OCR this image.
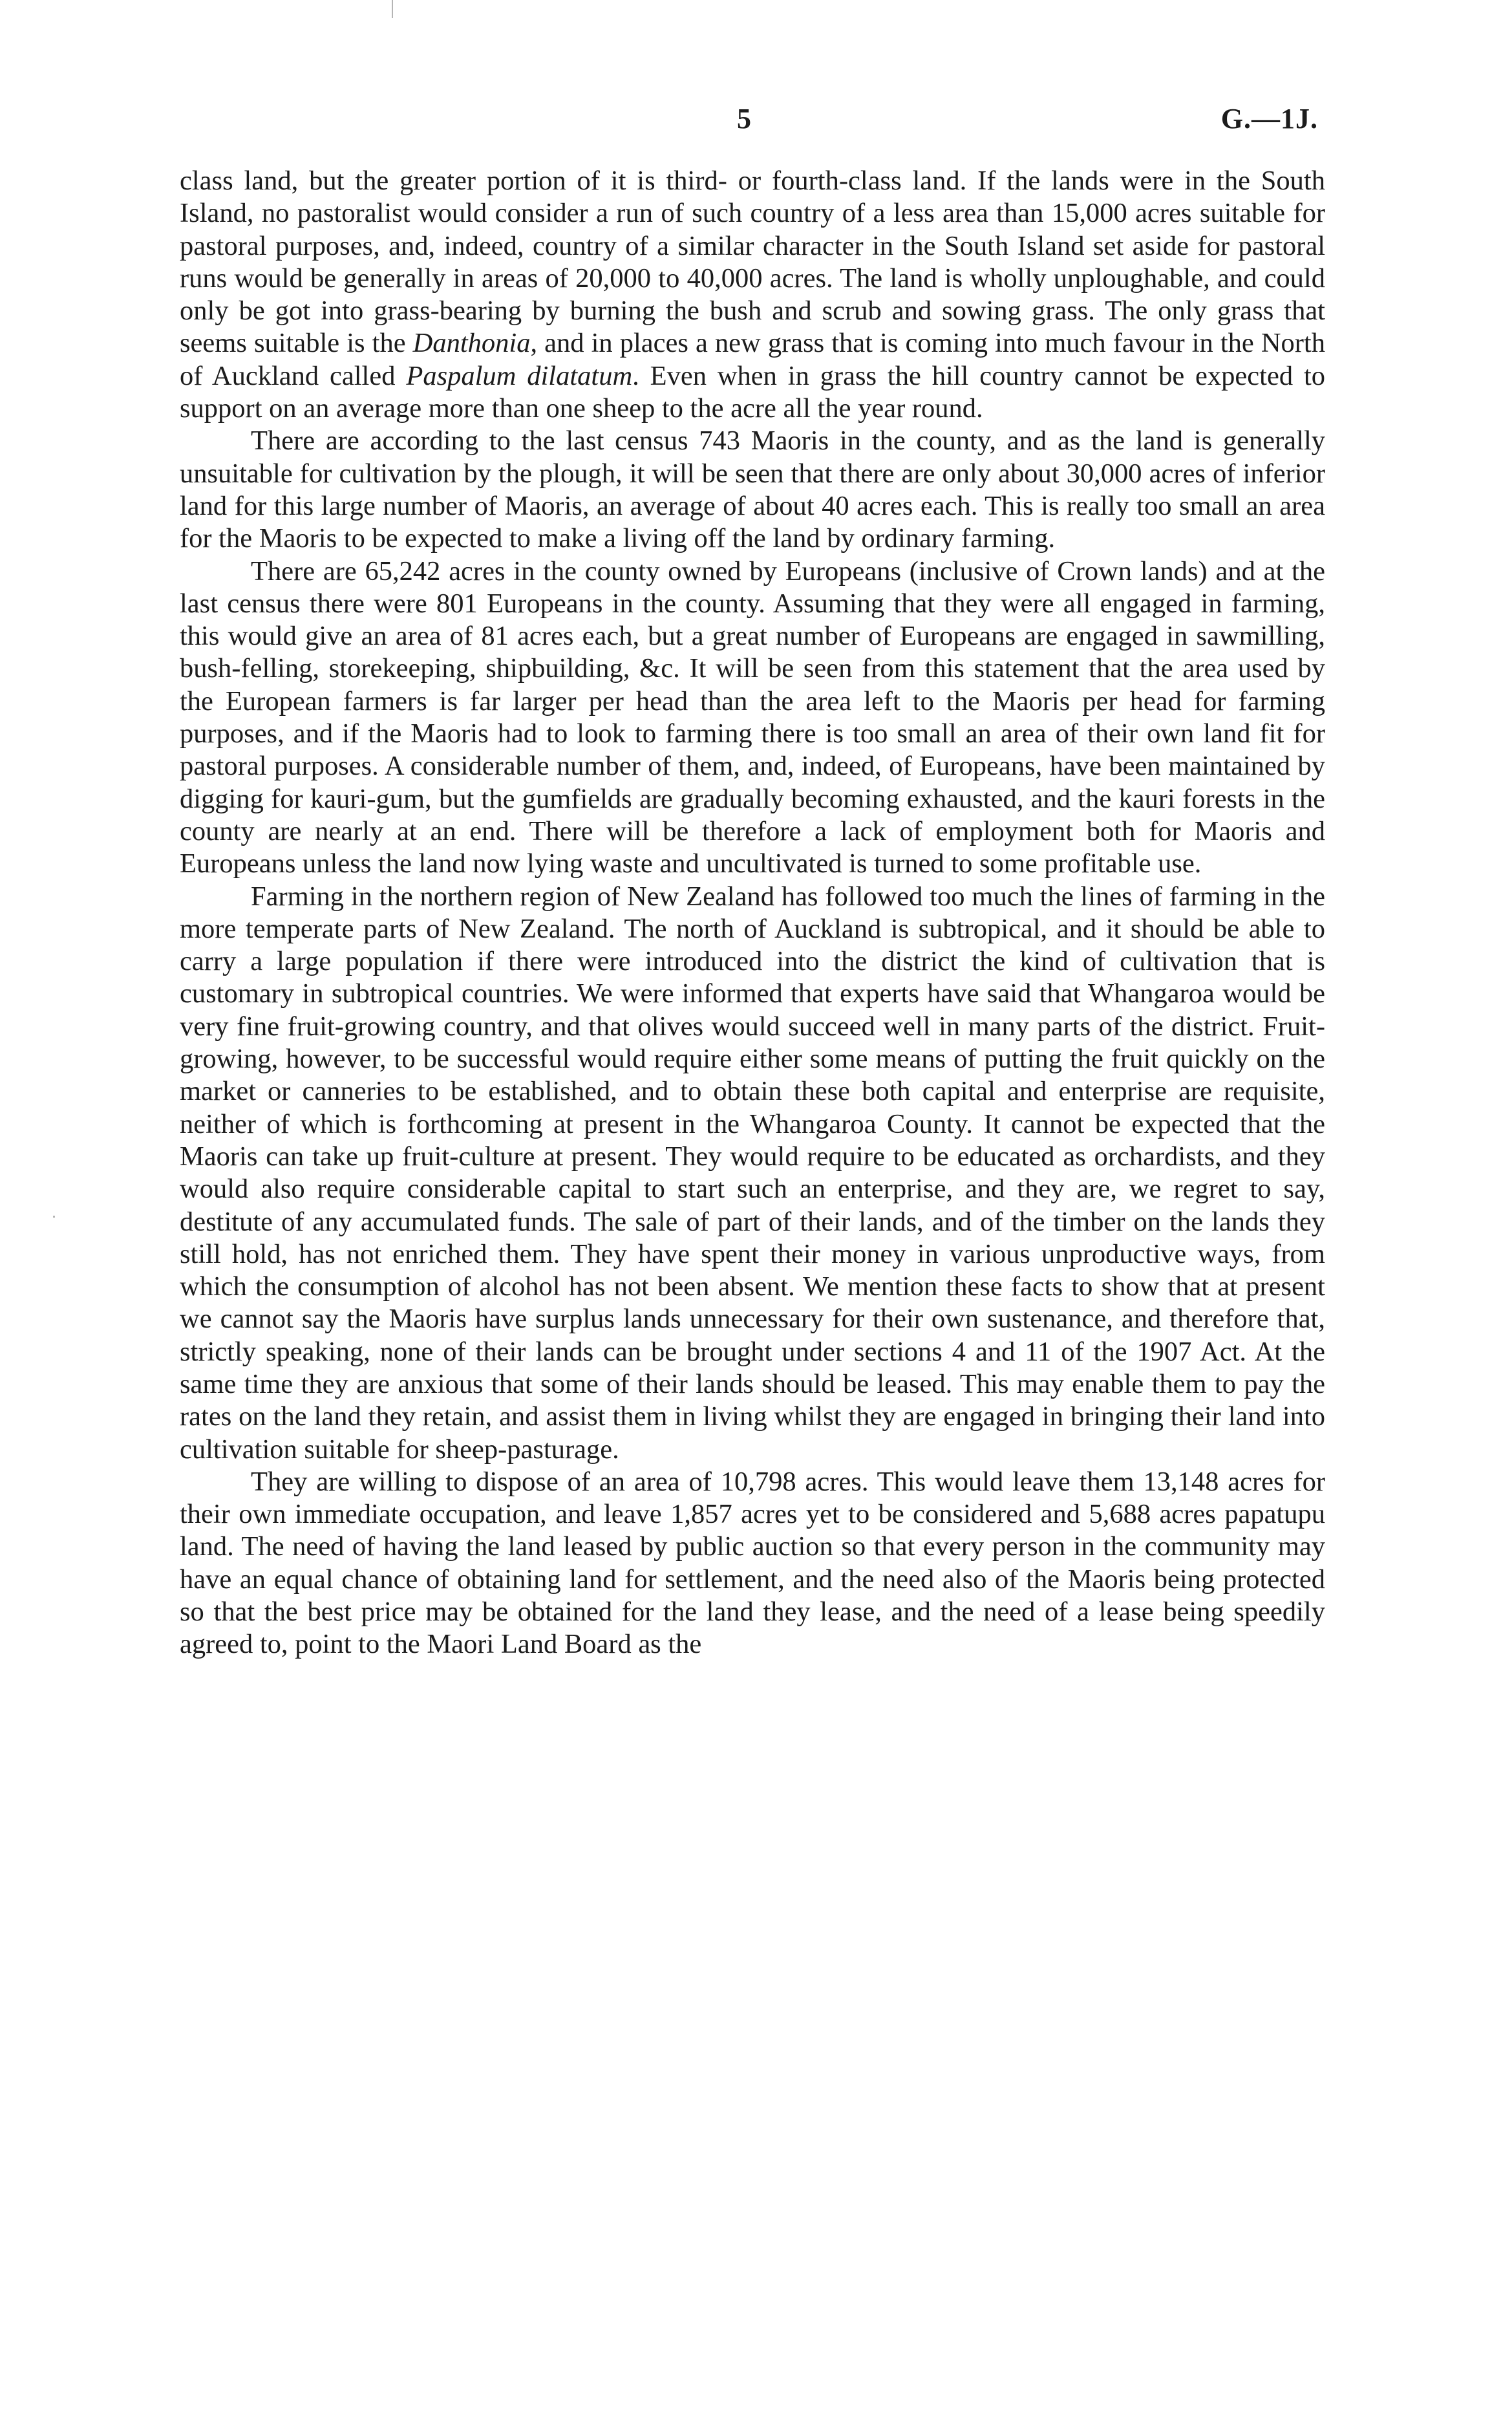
5	G.—1J.

class land, but the greater portion of it is third- or fourth-class land. If the lands were in the South Island, no pastoralist would consider a run of such country of a less area than 15,000 acres suitable for pastoral purposes, and, indeed, country of a similar character in the South Island set aside for pastoral runs would be generally in areas of 20,000 to 40,000 acres. The land is wholly unploughable, and could only be got into grass-bearing by burning the bush and scrub and sowing grass. The only grass that seems suitable is the Danthonia, and in places a new grass that is coming into much favour in the North of Auckland called Paspalum dilatatum. Even when in grass the hill country cannot be expected to support on an average more than one sheep to the acre all the year round.

There are according to the last census 743 Maoris in the county, and as the land is generally unsuitable for cultivation by the plough, it will be seen that there are only about 30,000 acres of inferior land for this large number of Maoris, an average of about 40 acres each. This is really too small an area for the Maoris to be expected to make a living off the land by ordinary farming.

There are 65,242 acres in the county owned by Europeans (inclusive of Crown lands) and at the last census there were 801 Europeans in the county. Assuming that they were all engaged in farming, this would give an area of 81 acres each, but a great number of Europeans are engaged in sawmilling, bush-felling, storekeeping, shipbuilding, &c. It will be seen from this statement that the area used by the European farmers is far larger per head than the area left to the Maoris per head for farming purposes, and if the Maoris had to look to farming there is too small an area of their own land fit for pastoral purposes. A considerable number of them, and, indeed, of Europeans, have been maintained by digging for kauri-gum, but the gumfields are gradually becoming exhausted, and the kauri forests in the county are nearly at an end. There will be therefore a lack of employment both for Maoris and Europeans unless the land now lying waste and uncultivated is turned to some profitable use.

Farming in the northern region of New Zealand has followed too much the lines of farming in the more temperate parts of New Zealand. The north of Auckland is subtropical, and it should be able to carry a large population if there were introduced into the district the kind of cultivation that is customary in subtropical countries. We were informed that experts have said that Whangaroa would be very fine fruit-growing country, and that olives would succeed well in many parts of the district. Fruit-growing, however, to be successful would require either some means of putting the fruit quickly on the market or canneries to be established, and to obtain these both capital and enterprise are requisite, neither of which is forthcoming at present in the Whangaroa County. It cannot be expected that the Maoris can take up fruit-culture at present. They would require to be educated as orchardists, and they would also require considerable capital to start such an enterprise, and they are, we regret to say, destitute of any accumulated funds. The sale of part of their lands, and of the timber on the lands they still hold, has not enriched them. They have spent their money in various unproductive ways, from which the consumption of alcohol has not been absent. We mention these facts to show that at present we cannot say the Maoris have surplus lands unnecessary for their own sustenance, and therefore that, strictly speaking, none of their lands can be brought under sections 4 and 11 of the 1907 Act. At the same time they are anxious that some of their lands should be leased. This may enable them to pay the rates on the land they retain, and assist them in living whilst they are engaged in bringing their land into cultivation suitable for sheep-pasturage.

They are willing to dispose of an area of 10,798 acres. This would leave them 13,148 acres for their own immediate occupation, and leave 1,857 acres yet to be considered and 5,688 acres papatupu land. The need of having the land leased by public auction so that every person in the community may have an equal chance of obtaining land for settlement, and the need also of the Maoris being protected so that the best price may be obtained for the land they lease, and the need of a lease being speedily agreed to, point to the Maori Land Board as the
